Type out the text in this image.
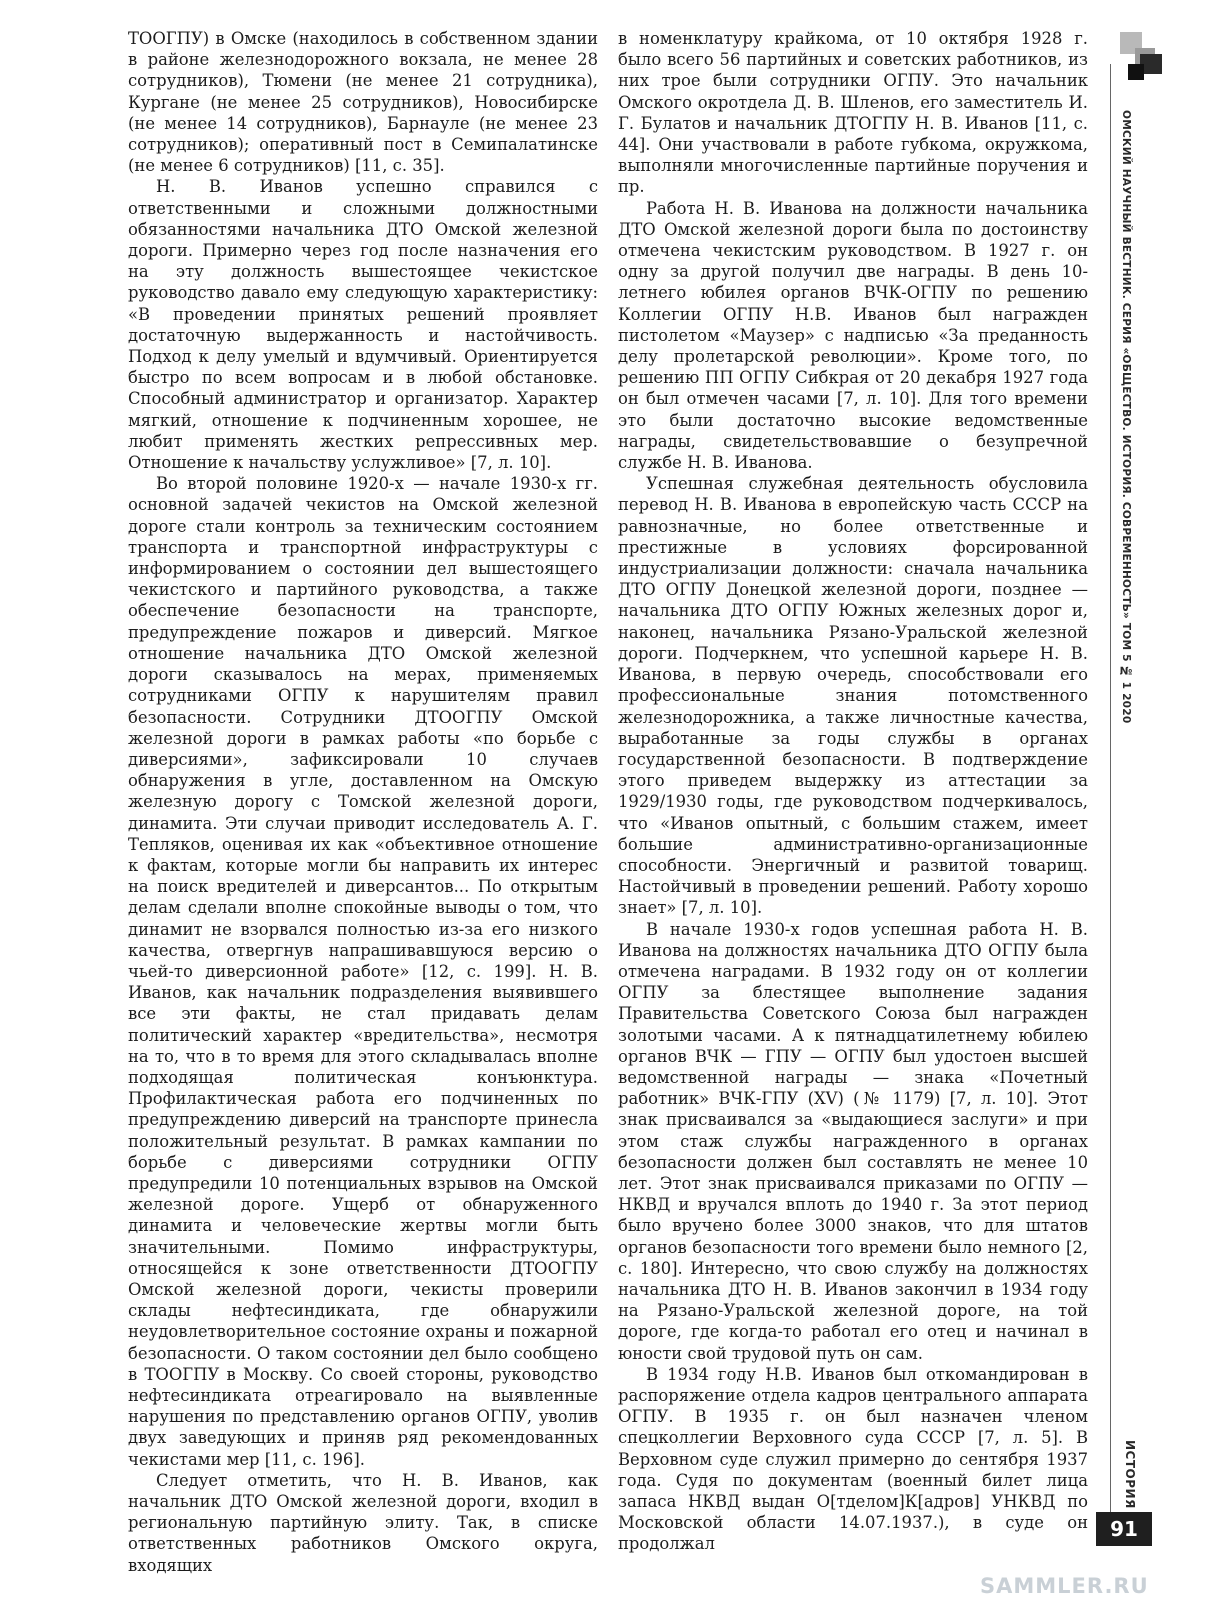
ОМСКИЙ НАУЧНЫЙ ВЕСТНИК. СЕРИЯ «ОБЩЕСТВО. ИСТОРИЯ. СОВРЕМЕННОСТЬ» ТОМ 5 № 1 2020
ИСТОРИЯ
91

ТООГПУ) в Омске (находилось в собственном здании в районе железнодорожного вокзала, не менее 28 сотрудников), Тюмени (не менее 21 сотрудника), Кургане (не менее 25 сотрудников), Новосибирске (не менее 14 сотрудников), Барнауле (не менее 23 сотрудников); оперативный пост в Семипалатинске (не менее 6 сотрудников) [11, с. 35].

Н. В. Иванов успешно справился с ответственными и сложными должностными обязанностями начальника ДТО Омской железной дороги. Примерно через год после назначения его на эту должность вышестоящее чекистское руководство давало ему следующую характеристику: «В проведении принятых решений проявляет достаточную выдержанность и настойчивость. Подход к делу умелый и вдумчивый. Ориентируется быстро по всем вопросам и в любой обстановке. Способный администратор и организатор. Характер мягкий, отношение к подчиненным хорошее, не любит применять жестких репрессивных мер. Отношение к начальству услужливое» [7, л. 10].

Во второй половине 1920-х — начале 1930-х гг. основной задачей чекистов на Омской железной дороге стали контроль за техническим состоянием транспорта и транспортной инфраструктуры с информированием о состоянии дел вышестоящего чекистского и партийного руководства, а также обеспечение безопасности на транспорте, предупреждение пожаров и диверсий. Мягкое отношение начальника ДТО Омской железной дороги сказывалось на мерах, применяемых сотрудниками ОГПУ к нарушителям правил безопасности. Сотрудники ДТООГПУ Омской железной дороги в рамках работы «по борьбе с диверсиями», зафиксировали 10 случаев обнаружения в угле, доставленном на Омскую железную дорогу с Томской железной дороги, динамита. Эти случаи приводит исследователь А. Г. Тепляков, оценивая их как «объективное отношение к фактам, которые могли бы направить их интерес на поиск вредителей и диверсантов... По открытым делам сделали вполне спокойные выводы о том, что динамит не взорвался полностью из-за его низкого качества, отвергнув напрашивавшуюся версию о чьей-то диверсионной работе» [12, с. 199]. Н. В. Иванов, как начальник подразделения выявившего все эти факты, не стал придавать делам политический характер «вредительства», несмотря на то, что в то время для этого складывалась вполне подходящая политическая конъюнктура. Профилактическая работа его подчиненных по предупреждению диверсий на транспорте принесла положительный результат. В рамках кампании по борьбе с диверсиями сотрудники ОГПУ предупредили 10 потенциальных взрывов на Омской железной дороге. Ущерб от обнаруженного динамита и человеческие жертвы могли быть значительными. Помимо инфраструктуры, относящейся к зоне ответственности ДТООГПУ Омской железной дороги, чекисты проверили склады нефтесиндиката, где обнаружили неудовлетворительное состояние охраны и пожарной безопасности. О таком состоянии дел было сообщено в ТООГПУ в Москву. Со своей стороны, руководство нефтесиндиката отреагировало на выявленные нарушения по представлению органов ОГПУ, уволив двух заведующих и приняв ряд рекомендованных чекистами мер [11, с. 196].

Следует отметить, что Н. В. Иванов, как начальник ДТО Омской железной дороги, входил в региональную партийную элиту. Так, в списке ответственных работников Омского округа, входящих

в номенклатуру крайкома, от 10 октября 1928 г. было всего 56 партийных и советских работников, из них трое были сотрудники ОГПУ. Это начальник Омского окротдела Д. В. Шленов, его заместитель И. Г. Булатов и начальник ДТОГПУ Н. В. Иванов [11, с. 44]. Они участвовали в работе губкома, окружкома, выполняли многочисленные партийные поручения и пр.

Работа Н. В. Иванова на должности начальника ДТО Омской железной дороги была по достоинству отмечена чекистским руководством. В 1927 г. он одну за другой получил две награды. В день 10-летнего юбилея органов ВЧК-ОГПУ по решению Коллегии ОГПУ Н.В. Иванов был награжден пистолетом «Маузер» с надписью «За преданность делу пролетарской революции». Кроме того, по решению ПП ОГПУ Сибкрая от 20 декабря 1927 года он был отмечен часами [7, л. 10]. Для того времени это были достаточно высокие ведомственные награды, свидетельствовавшие о безупречной службе Н. В. Иванова.

Успешная служебная деятельность обусловила перевод Н. В. Иванова в европейскую часть СССР на равнозначные, но более ответственные и престижные в условиях форсированной индустриализации должности: сначала начальника ДТО ОГПУ Донецкой железной дороги, позднее — начальника ДТО ОГПУ Южных железных дорог и, наконец, начальника Рязано-Уральской железной дороги. Подчеркнем, что успешной карьере Н. В. Иванова, в первую очередь, способствовали его профессиональные знания потомственного железнодорожника, а также личностные качества, выработанные за годы службы в органах государственной безопасности. В подтверждение этого приведем выдержку из аттестации за 1929/1930 годы, где руководством подчеркивалось, что «Иванов опытный, с большим стажем, имеет большие административно-организационные способности. Энергичный и развитой товарищ. Настойчивый в проведении решений. Работу хорошо знает» [7, л. 10].

В начале 1930-х годов успешная работа Н. В. Иванова на должностях начальника ДТО ОГПУ была отмечена наградами. В 1932 году он от коллегии ОГПУ за блестящее выполнение задания Правительства Советского Союза был награжден золотыми часами. А к пятнадцатилетнему юбилею органов ВЧК — ГПУ — ОГПУ был удостоен высшей ведомственной награды — знака «Почетный работник» ВЧК-ГПУ (XV) (№ 1179) [7, л. 10]. Этот знак присваивался за «выдающиеся заслуги» и при этом стаж службы награжденного в органах безопасности должен был составлять не менее 10 лет. Этот знак присваивался приказами по ОГПУ — НКВД и вручался вплоть до 1940 г. За этот период было вручено более 3000 знаков, что для штатов органов безопасности того времени было немного [2, с. 180]. Интересно, что свою службу на должностях начальника ДТО Н. В. Иванов закончил в 1934 году на Рязано-Уральской железной дороге, на той дороге, где когда-то работал его отец и начинал в юности свой трудовой путь он сам.

В 1934 году Н.В. Иванов был откомандирован в распоряжение отдела кадров центрального аппарата ОГПУ. В 1935 г. он был назначен членом спецколлегии Верховного суда СССР [7, л. 5]. В Верховном суде служил примерно до сентября 1937 года. Судя по документам (военный билет лица запаса НКВД выдан О[тделом]К[адров] УНКВД по Московской области 14.07.1937.), в суде он продолжал

SAMMLER.RU
